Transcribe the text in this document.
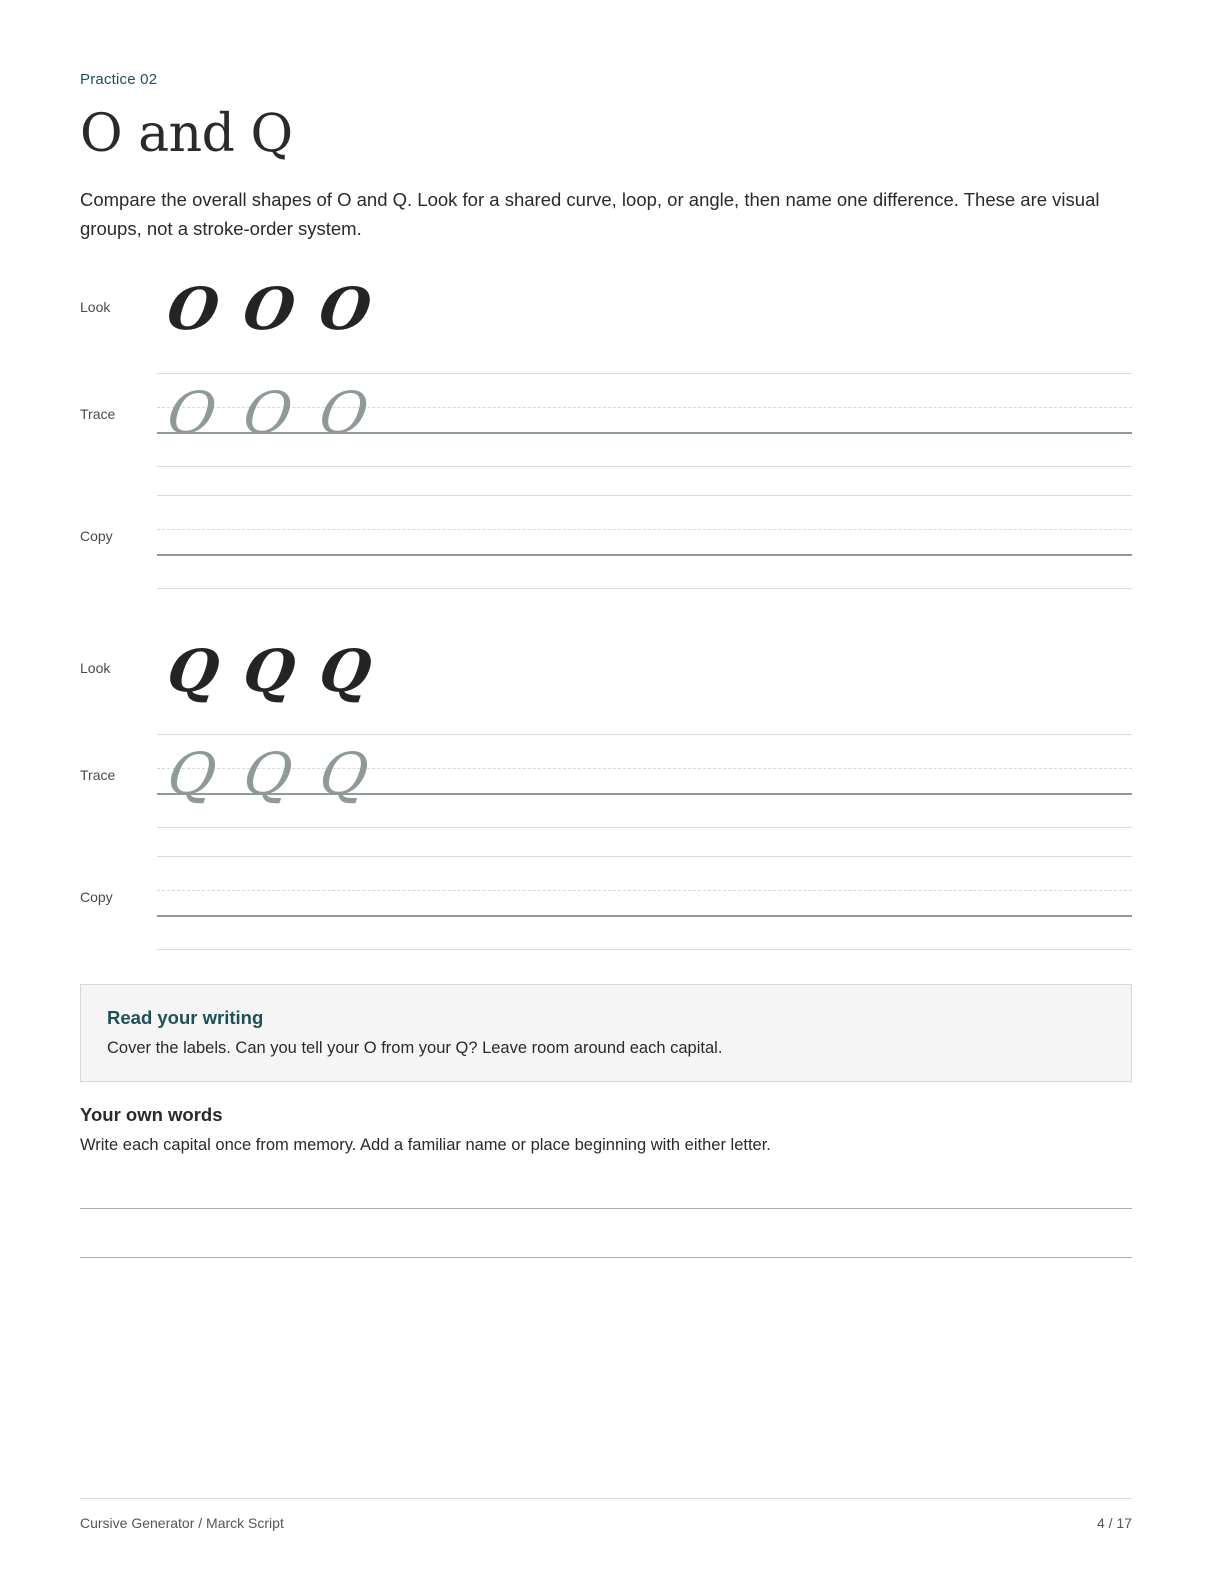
Practice 02
O and Q

Compare the overall shapes of O and Q. Look for a shared curve, loop, or angle, then name one difference. These are visual groups, not a stroke-order system.

Look O O O
Trace O O O
Copy
Look Q Q Q
Trace Q Q Q
Copy
Read your writing
Cover the labels. Can you tell your O from your Q? Leave room around each capital.
Your own words
Write each capital once from memory. Add a familiar name or place beginning with either letter.
Cursive Generator / Marck Script	4 / 17
